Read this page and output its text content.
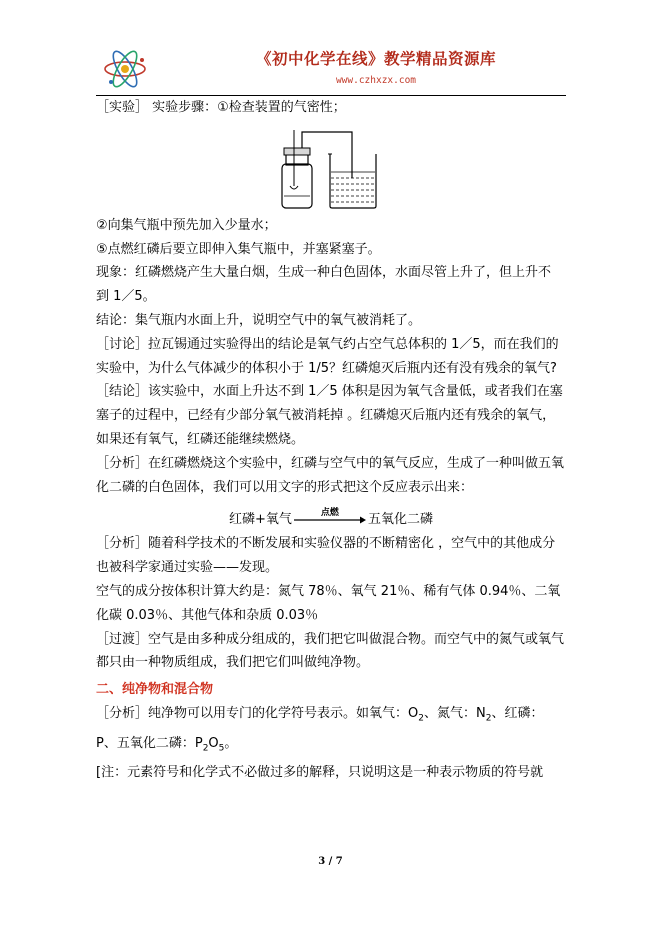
《初中化学在线》教学精品资源库
www.czhxzx.com

［实验］ 实验步骤：①检查装置的气密性；

②向集气瓶中预先加入少量水；

⑤点燃红磷后要立即伸入集气瓶中，并塞紧塞子。

现象：红磷燃烧产生大量白烟，生成一种白色固体，水面尽管上升了，但上升不

到 1／5。

结论：集气瓶内水面上升，说明空气中的氧气被消耗了。

［讨论］拉瓦锡通过实验得出的结论是氧气约占空气总体积的 1／5，而在我们的实验中，为什么气体减少的体积小于 1/5？红磷熄灭后瓶内还有没有残余的氧气?

［结论］该实验中，水面上升达不到 1／5 体积是因为氧气含量低，或者我们在塞塞子的过程中，已经有少部分氧气被消耗掉 。红磷熄灭后瓶内还有残余的氧气，如果还有氧气，红磷还能继续燃烧。

［分析］在红磷燃烧这个实验中，红磷与空气中的氧气反应，生成了一种叫做五氧化二磷的白色固体，我们可以用文字的形式把这个反应表示出来：

红磷+氧气	点燃	五氧化二磷

［分析］随着科学技术的不断发展和实验仪器的不断精密化 ，空气中的其他成分也被科学家通过实验——发现。

空气的成分按体积计算大约是：氮气 78％、氧气 21％、稀有气体 0.94％、二氧化碳 0.03％、其他气体和杂质 0.03％

［过渡］空气是由多种成分组成的，我们把它叫做混合物。而空气中的氮气或氧气都只由一种物质组成，我们把它们叫做纯净物。

二、纯净物和混合物

［分析］纯净物可以用专门的化学符号表示。如氧气：$O_2$、氮气：$N_2$、红磷：

P、五氧化二磷：$P_2O_5$。

[注：元素符号和化学式不必做过多的解释，只说明这是一种表示物质的符号就

3 / 7
